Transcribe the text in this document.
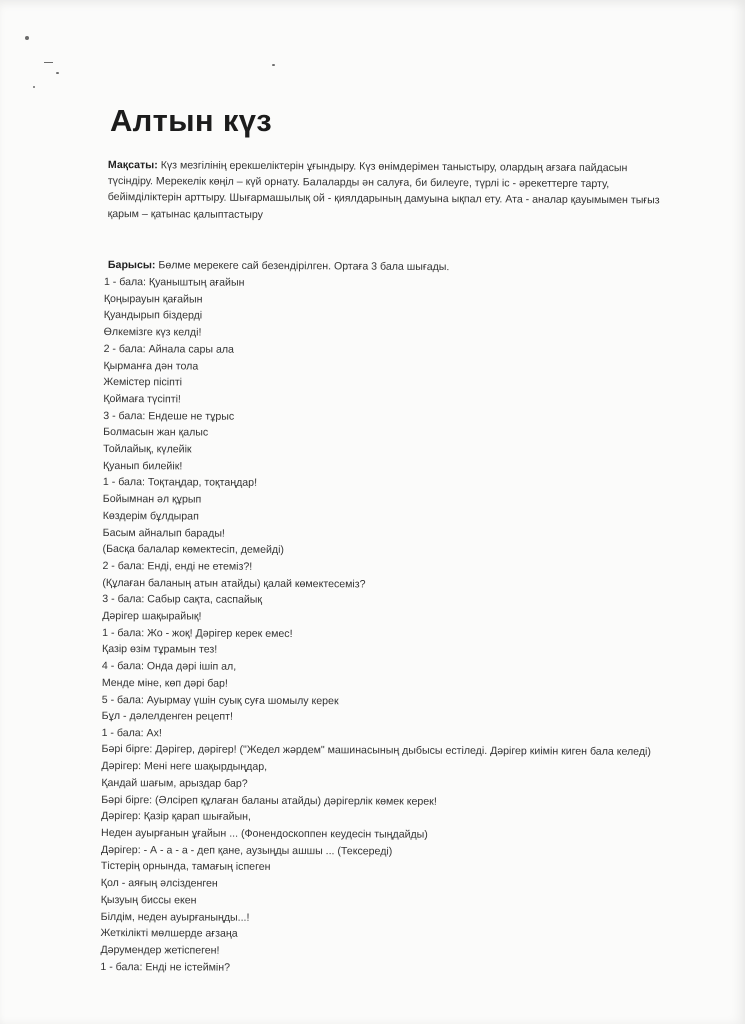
Алтын күз

Мақсаты: Күз мезгілінің ерекшеліктерін ұғындыру. Күз өнімдерімен таныстыру, олардың ағзаға пайдасын түсіндіру. Мерекелік көңіл – күй орнату. Балаларды ән салуға, би билеуге, түрлі іс - әрекеттерге тарту, бейімділіктерін арттыру. Шығармашылық ой - қиялдарының дамуына ықпал ету. Ата - аналар қауымымен тығыз қарым – қатынас қалыптастыру

Барысы: Бөлме мерекеге сай безендірілген. Ортаға 3 бала шығады.

1 - бала: Қуаныштың ағайын
Қоңырауын қағайын
Қуандырып біздерді
Өлкемізге күз келді!
2 - бала: Айнала сары ала
Қырманға дән тола
Жемістер пісіпті
Қоймаға түсіпті!
3 - бала: Ендеше не тұрыс
Болмасын жан қалыс
Тойлайық, күлейік
Қуанып билейік!
1 - бала: Тоқтаңдар, тоқтаңдар!
Бойымнан әл құрып
Көздерім бұлдырап
Басым айналып барады!
(Басқа балалар көмектесіп, демейді)
2 - бала: Енді, енді не етеміз?!
(Құлаған баланың атын атайды) қалай көмектесеміз?
3 - бала: Сабыр сақта, саспайық
Дәрігер шақырайық!
1 - бала: Жо - жоқ! Дәрігер керек емес!
Қазір өзім тұрамын тез!
4 - бала: Онда дәрі ішіп ал,
Менде міне, көп дәрі бар!
5 - бала: Ауырмау үшін суық суға шомылу керек
Бұл - дәлелденген рецепт!
1 - бала: Ах!
Бәрі бірге: Дәрігер, дәрігер! ("Жедел жәрдем" машинасының дыбысы естіледі. Дәрігер киімін киген бала келеді)
Дәрігер: Мені неге шақырдыңдар,
Қандай шағым, арыздар бар?
Бәрі бірге: (Әлсіреп құлаған баланы атайды) дәрігерлік көмек керек!
Дәрігер: Қазір қарап шығайын,
Неден ауырғанын ұғайын ... (Фонендоскоппен кеудесін тыңдайды)
Дәрігер: - А - а - а - деп қане, аузыңды ашшы ... (Тексереді)
Тістерің орнында, тамағың іспеген
Қол - аяғың әлсізденген
Қызуың биссы екен
Білдім, неден ауырғаныңды...!
Жеткілікті мөлшерде ағзаңа
Дәрумендер жетіспеген!
1 - бала: Енді не істеймін?
